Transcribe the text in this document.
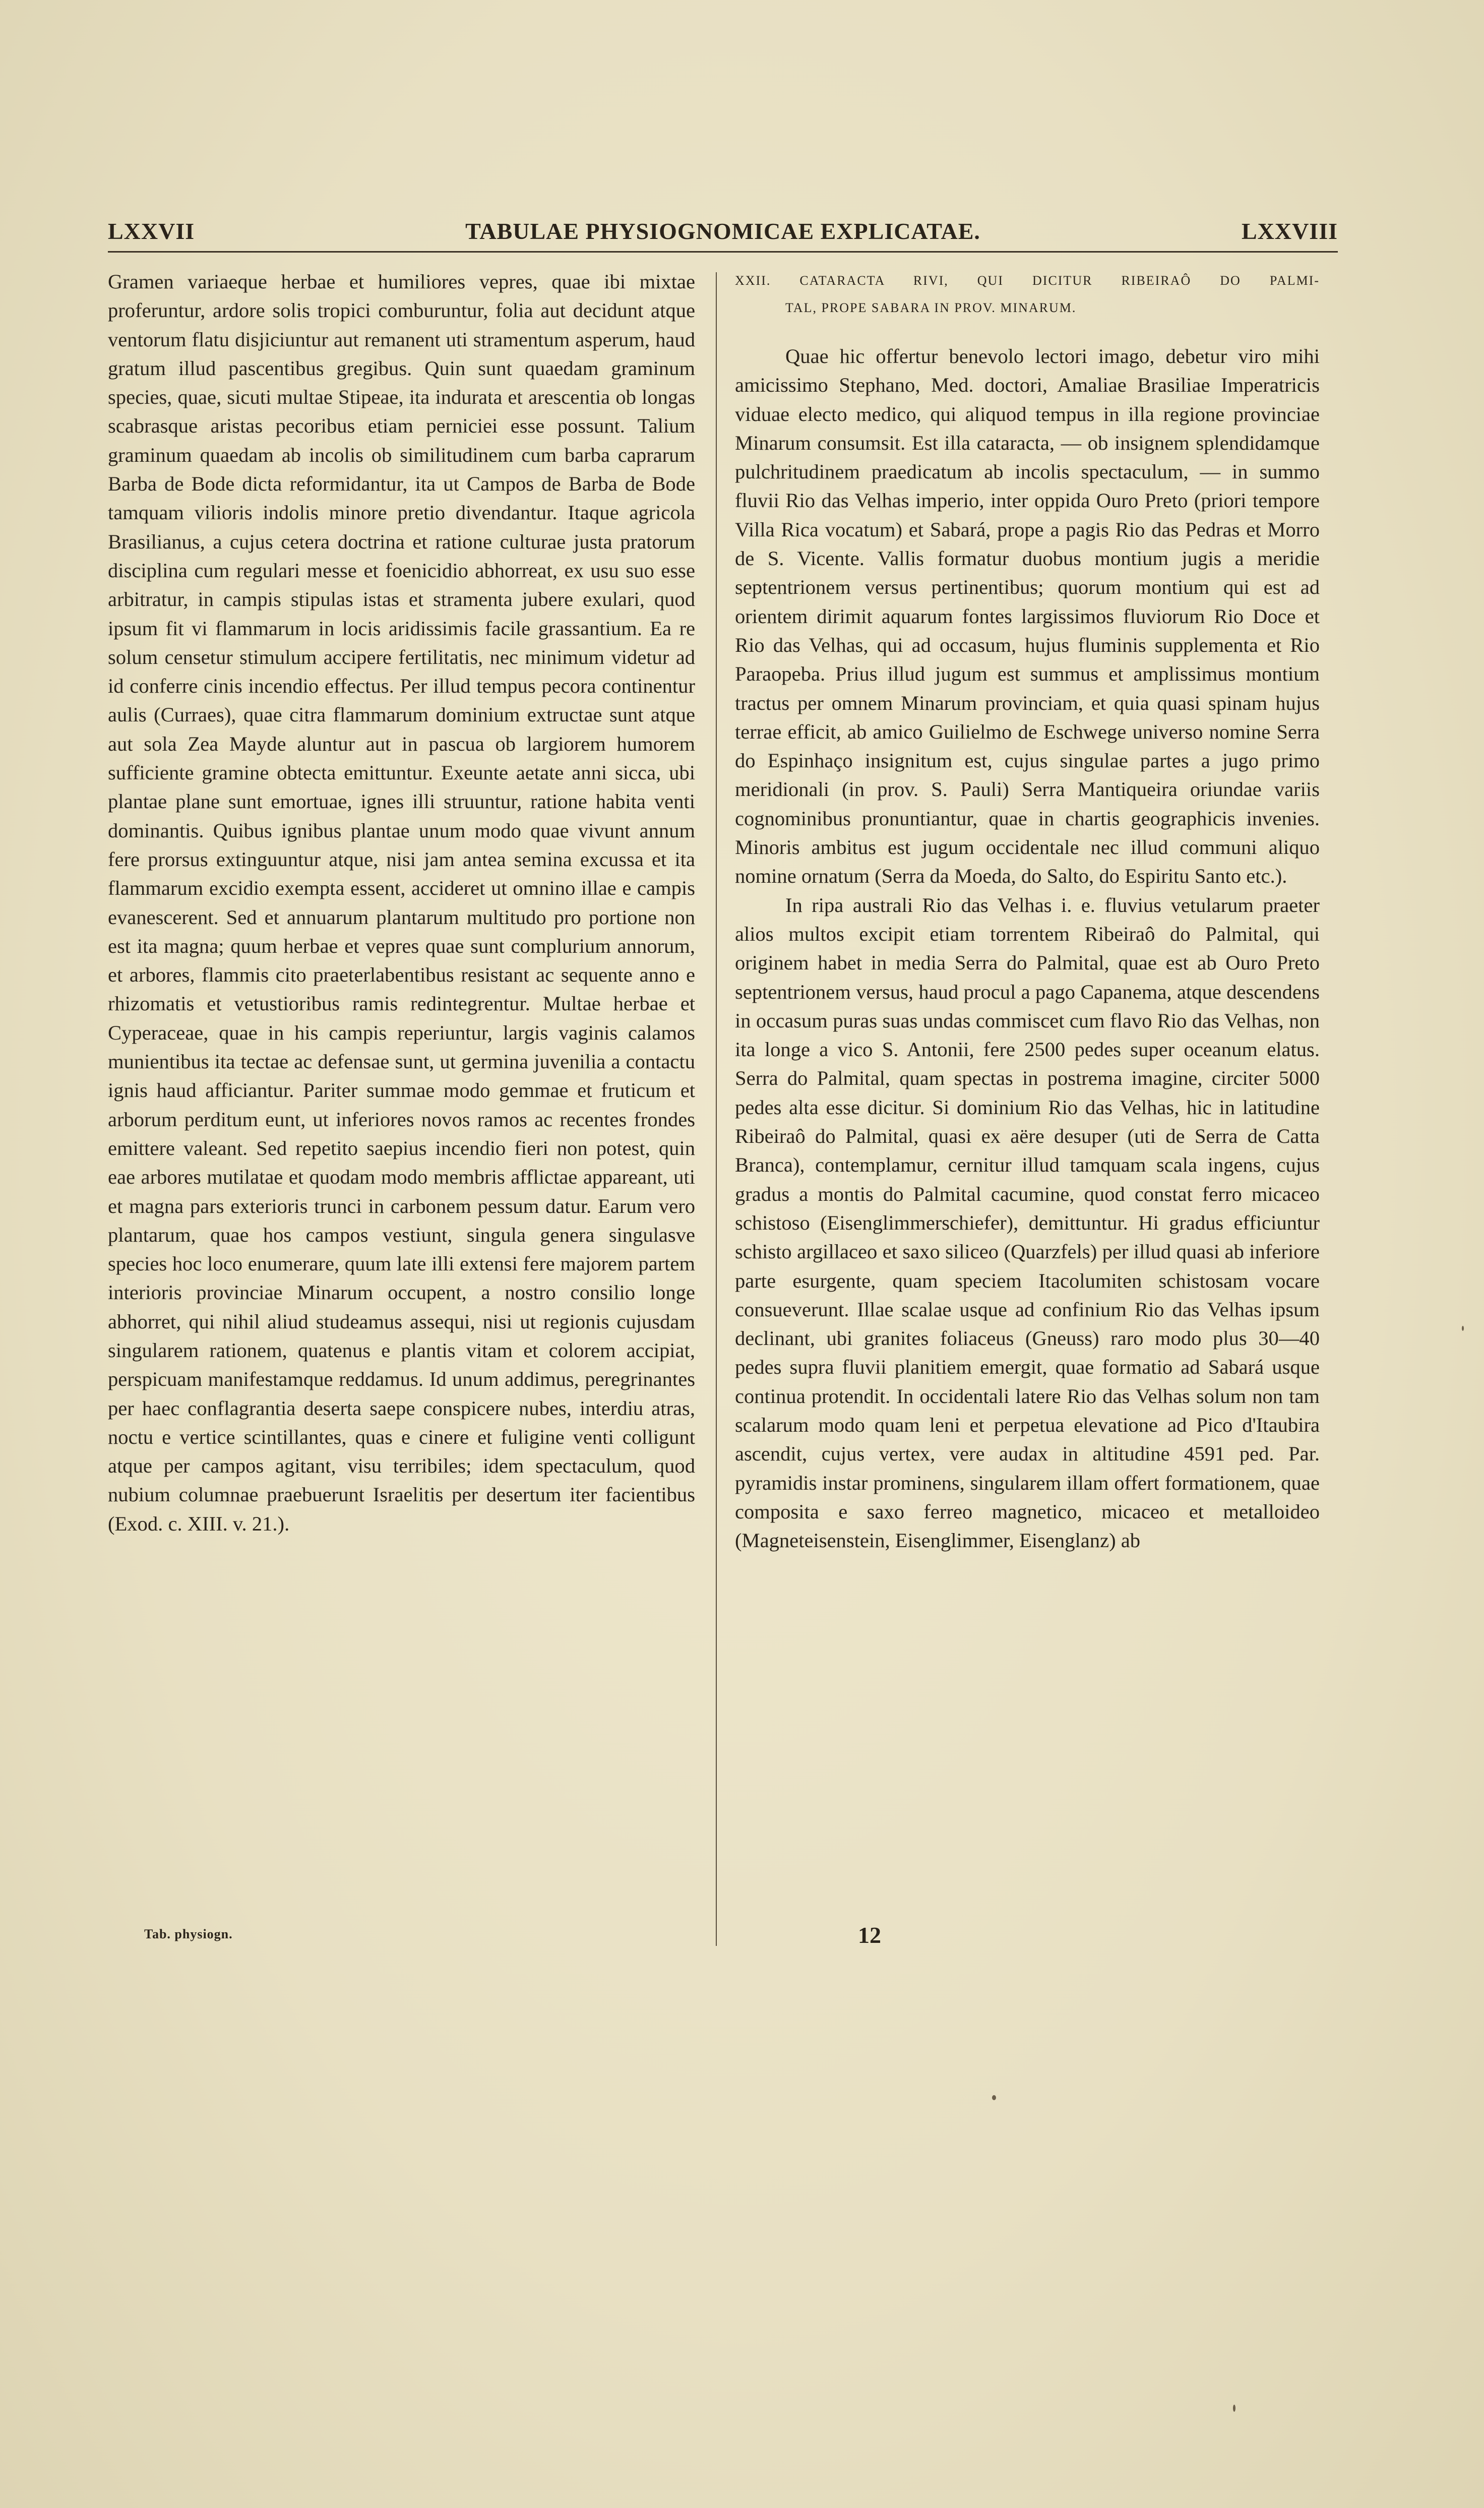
LXXVII	TABULAE PHYSIOGNOMICAE EXPLICATAE.	LXXVIII

Gramen variaeque herbae et humiliores vepres, quae ibi mixtae proferuntur, ardore solis tropici comburuntur, folia aut decidunt atque ventorum flatu disjiciuntur aut remanent uti stramentum asperum, haud gratum illud pascentibus gregibus. Quin sunt quaedam graminum species, quae, sicuti multae Stipeae, ita indurata et arescentia ob longas scabrasque aristas pecoribus etiam perniciei esse possunt. Talium graminum quaedam ab incolis ob similitudinem cum barba caprarum Barba de Bode dicta reformidantur, ita ut Campos de Barba de Bode tamquam vilioris indolis minore pretio divendantur. Itaque agricola Brasilianus, a cujus cetera doctrina et ratione culturae justa pratorum disciplina cum regulari messe et foenicidio abhorreat, ex usu suo esse arbitratur, in campis stipulas istas et stramenta jubere exulari, quod ipsum fit vi flammarum in locis aridissimis facile grassantium. Ea re solum censetur stimulum accipere fertilitatis, nec minimum videtur ad id conferre cinis incendio effectus. Per illud tempus pecora continentur aulis (Curraes), quae citra flammarum dominium extructae sunt atque aut sola Zea Mayde aluntur aut in pascua ob largiorem humorem sufficiente gramine obtecta emittuntur. Exeunte aetate anni sicca, ubi plantae plane sunt emortuae, ignes illi struuntur, ratione habita venti dominantis. Quibus ignibus plantae unum modo quae vivunt annum fere prorsus extinguuntur atque, nisi jam antea semina excussa et ita flammarum excidio exempta essent, accideret ut omnino illae e campis evanescerent. Sed et annuarum plantarum multitudo pro portione non est ita magna; quum herbae et vepres quae sunt complurium annorum, et arbores, flammis cito praeterlabentibus resistant ac sequente anno e rhizomatis et vetustioribus ramis redintegrentur. Multae herbae et Cyperaceae, quae in his campis reperiuntur, largis vaginis calamos munientibus ita tectae ac defensae sunt, ut germina juvenilia a contactu ignis haud afficiantur. Pariter summae modo gemmae et fruticum et arborum perditum eunt, ut inferiores novos ramos ac recentes frondes emittere valeant. Sed repetito saepius incendio fieri non potest, quin eae arbores mutilatae et quodam modo membris afflictae appareant, uti et magna pars exterioris trunci in carbonem pessum datur. Earum vero plantarum, quae hos campos vestiunt, singula genera singulasve species hoc loco enumerare, quum late illi extensi fere majorem partem interioris provinciae Minarum occupent, a nostro consilio longe abhorret, qui nihil aliud studeamus assequi, nisi ut regionis cujusdam singularem rationem, quatenus e plantis vitam et colorem accipiat, perspicuam manifestamque reddamus. Id unum addimus, peregrinantes per haec conflagrantia deserta saepe conspicere nubes, interdiu atras, noctu e vertice scintillantes, quas e cinere et fuligine venti colligunt atque per campos agitant, visu terribiles; idem spectaculum, quod nubium columnae praebuerunt Israelitis per desertum iter facientibus (Exod. c. XIII. v. 21.).

XXII. CATARACTA RIVI, QUI DICITUR RIBEIRAÔ DO PALMI-
TAL, PROPE SABARA IN PROV. MINARUM.

Quae hic offertur benevolo lectori imago, debetur viro mihi amicissimo Stephano, Med. doctori, Amaliae Brasiliae Imperatricis viduae electo medico, qui aliquod tempus in illa regione provinciae Minarum consumsit. Est illa cataracta, — ob insignem splendidamque pulchritudinem praedicatum ab incolis spectaculum, — in summo fluvii Rio das Velhas imperio, inter oppida Ouro Preto (priori tempore Villa Rica vocatum) et Sabará, prope a pagis Rio das Pedras et Morro de S. Vicente. Vallis formatur duobus montium jugis a meridie septentrionem versus pertinentibus; quorum montium qui est ad orientem dirimit aquarum fontes largissimos fluviorum Rio Doce et Rio das Velhas, qui ad occasum, hujus fluminis supplementa et Rio Paraopeba. Prius illud jugum est summus et amplissimus montium tractus per omnem Minarum provinciam, et quia quasi spinam hujus terrae efficit, ab amico Guilielmo de Eschwege universo nomine Serra do Espinhaço insignitum est, cujus singulae partes a jugo primo meridionali (in prov. S. Pauli) Serra Mantiqueira oriundae variis cognominibus pronuntiantur, quae in chartis geographicis invenies. Minoris ambitus est jugum occidentale nec illud communi aliquo nomine ornatum (Serra da Moeda, do Salto, do Espiritu Santo etc.).

In ripa australi Rio das Velhas i. e. fluvius vetularum praeter alios multos excipit etiam torrentem Ribeiraô do Palmital, qui originem habet in media Serra do Palmital, quae est ab Ouro Preto septentrionem versus, haud procul a pago Capanema, atque descendens in occasum puras suas undas commiscet cum flavo Rio das Velhas, non ita longe a vico S. Antonii, fere 2500 pedes super oceanum elatus. Serra do Palmital, quam spectas in postrema imagine, circiter 5000 pedes alta esse dicitur. Si dominium Rio das Velhas, hic in latitudine Ribeiraô do Palmital, quasi ex aëre desuper (uti de Serra de Catta Branca), contemplamur, cernitur illud tamquam scala ingens, cujus gradus a montis do Palmital cacumine, quod constat ferro micaceo schistoso (Eisenglimmerschiefer), demittuntur. Hi gradus efficiuntur schisto argillaceo et saxo siliceo (Quarzfels) per illud quasi ab inferiore parte esurgente, quam speciem Itacolumiten schistosam vocare consueverunt. Illae scalae usque ad confinium Rio das Velhas ipsum declinant, ubi granites foliaceus (Gneuss) raro modo plus 30—40 pedes supra fluvii planitiem emergit, quae formatio ad Sabará usque continua protendit. In occidentali latere Rio das Velhas solum non tam scalarum modo quam leni et perpetua elevatione ad Pico d'Itaubira ascendit, cujus vertex, vere audax in altitudine 4591 ped. Par. pyramidis instar prominens, singularem illam offert formationem, quae composita e saxo ferreo magnetico, micaceo et metalloideo (Magneteisenstein, Eisenglimmer, Eisenglanz) ab

Tab. physiogn.	12
